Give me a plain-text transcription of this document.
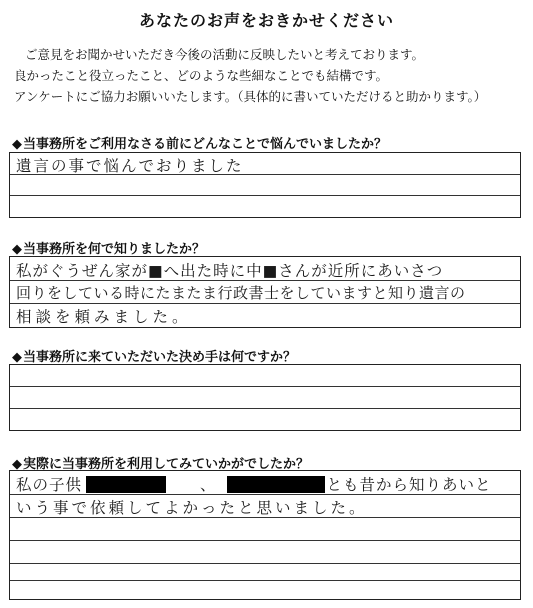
あなたのお声をおきかせください
ご意見をお聞かせいただき今後の活動に反映したいと考えております。
良かったこと役立ったこと、どのような些細なことでも結構です。
アンケートにご協力お願いいたします。（具体的に書いていただけると助かります。）
◆当事務所をご利用なさる前にどんなことで悩んでいましたか？
遺言の事で悩んでおりました
◆当事務所を何で知りましたか？
私がぐうぜん家が■へ出た時に中■さんが近所にあいさつ
回りをしている時にたまたま行政書士をしていますと知り遺言の
相談を頼みました。
◆当事務所に来ていただいた決め手は何ですか？
◆実際に当事務所を利用してみていかがでしたか？
私の子供	、	とも昔から知りあいと
いう事で依頼してよかったと思いました。
